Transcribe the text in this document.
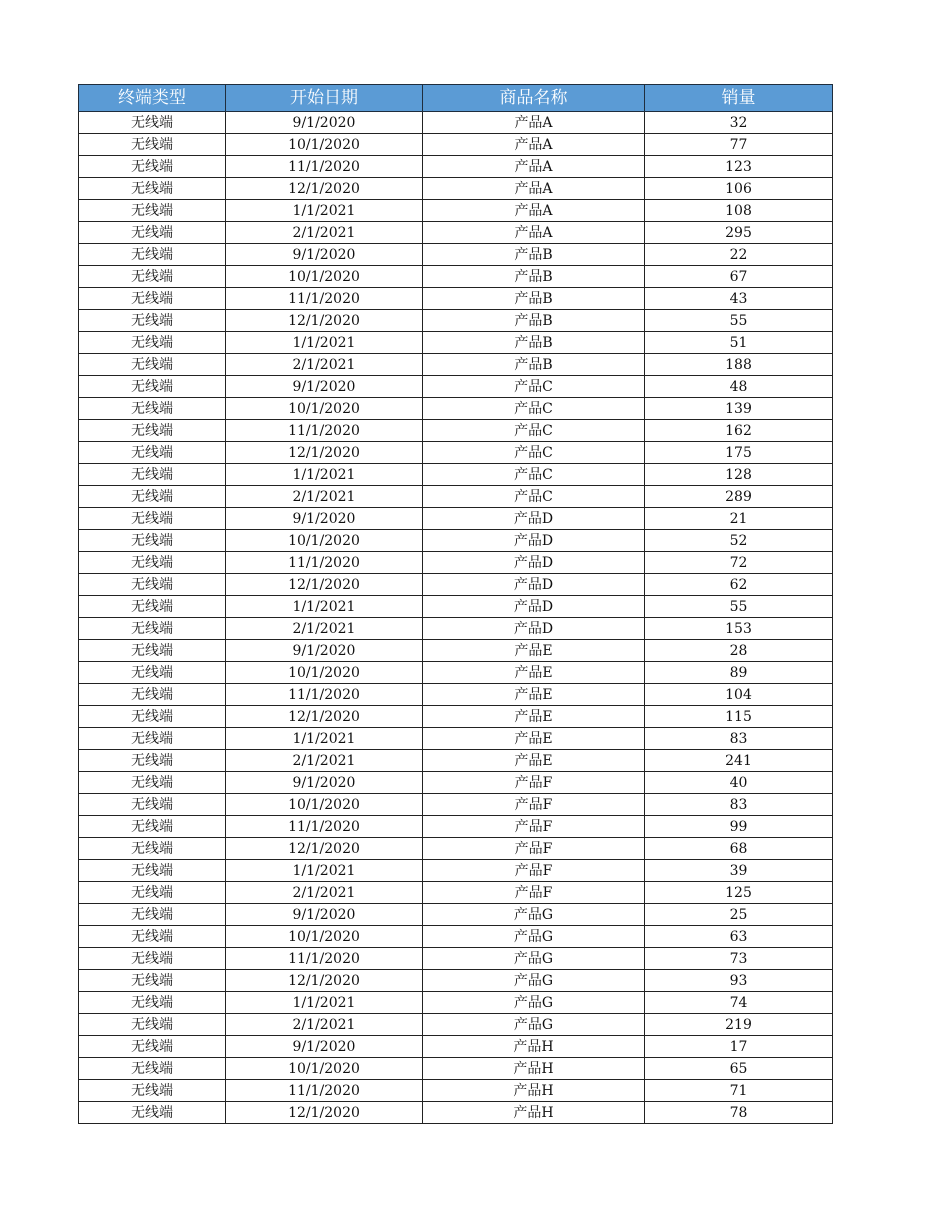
终端类型	开始日期	商品名称	销量
无线端	9/1/2020	产品A	32
无线端	10/1/2020	产品A	77
无线端	11/1/2020	产品A	123
无线端	12/1/2020	产品A	106
无线端	1/1/2021	产品A	108
无线端	2/1/2021	产品A	295
无线端	9/1/2020	产品B	22
无线端	10/1/2020	产品B	67
无线端	11/1/2020	产品B	43
无线端	12/1/2020	产品B	55
无线端	1/1/2021	产品B	51
无线端	2/1/2021	产品B	188
无线端	9/1/2020	产品C	48
无线端	10/1/2020	产品C	139
无线端	11/1/2020	产品C	162
无线端	12/1/2020	产品C	175
无线端	1/1/2021	产品C	128
无线端	2/1/2021	产品C	289
无线端	9/1/2020	产品D	21
无线端	10/1/2020	产品D	52
无线端	11/1/2020	产品D	72
无线端	12/1/2020	产品D	62
无线端	1/1/2021	产品D	55
无线端	2/1/2021	产品D	153
无线端	9/1/2020	产品E	28
无线端	10/1/2020	产品E	89
无线端	11/1/2020	产品E	104
无线端	12/1/2020	产品E	115
无线端	1/1/2021	产品E	83
无线端	2/1/2021	产品E	241
无线端	9/1/2020	产品F	40
无线端	10/1/2020	产品F	83
无线端	11/1/2020	产品F	99
无线端	12/1/2020	产品F	68
无线端	1/1/2021	产品F	39
无线端	2/1/2021	产品F	125
无线端	9/1/2020	产品G	25
无线端	10/1/2020	产品G	63
无线端	11/1/2020	产品G	73
无线端	12/1/2020	产品G	93
无线端	1/1/2021	产品G	74
无线端	2/1/2021	产品G	219
无线端	9/1/2020	产品H	17
无线端	10/1/2020	产品H	65
无线端	11/1/2020	产品H	71
无线端	12/1/2020	产品H	78
